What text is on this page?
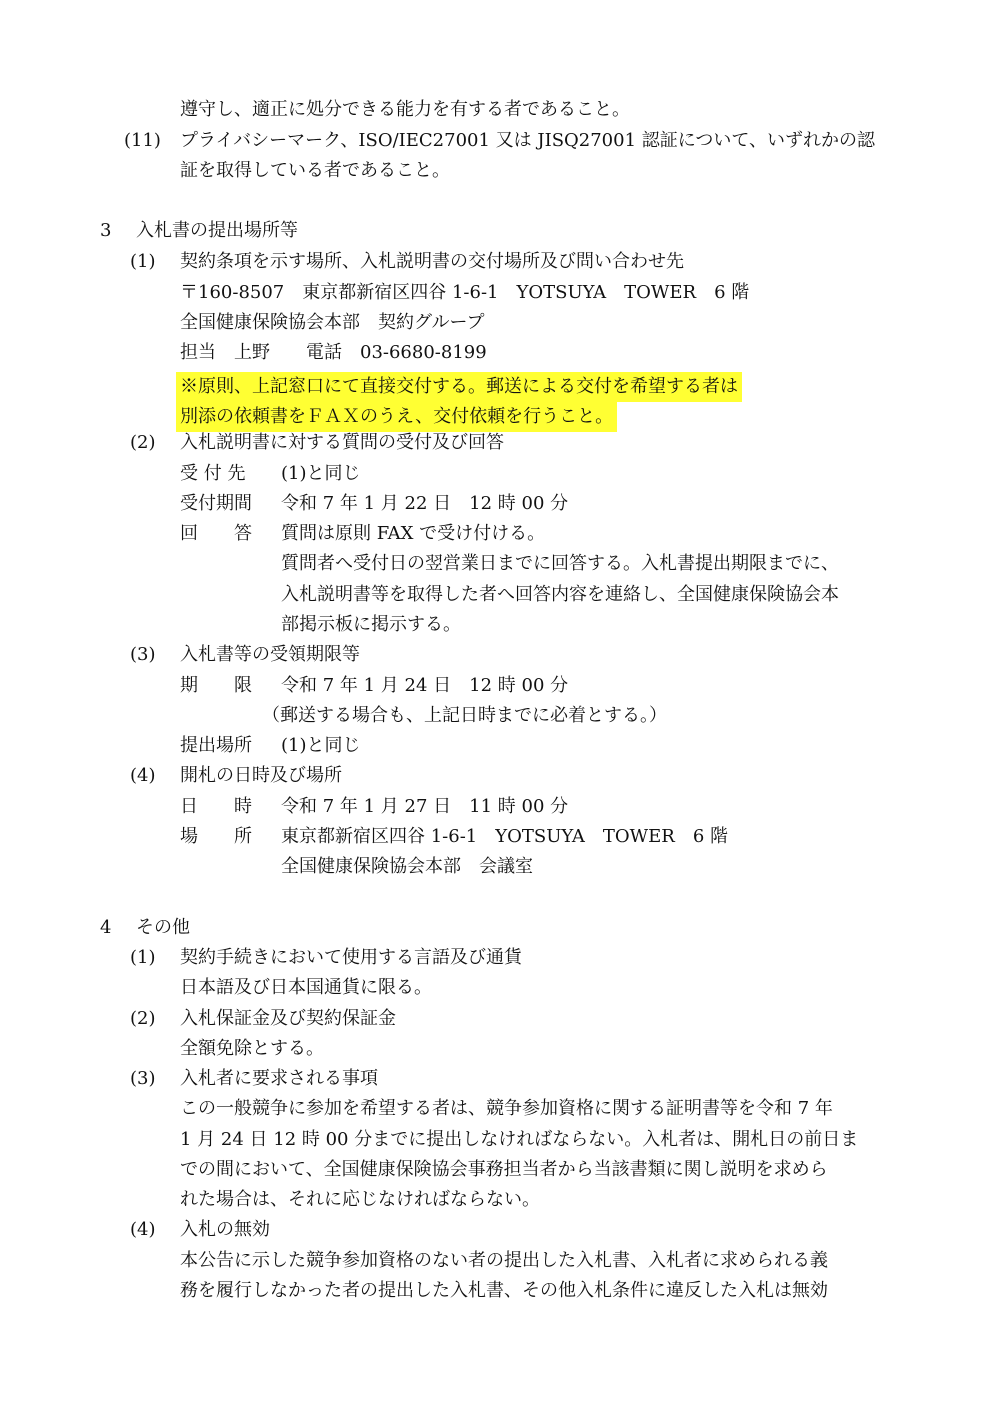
遵守し、適正に処分できる能力を有する者であること。
(11) プライバシーマーク、ISO/IEC27001 又は JISQ27001 認証について、いずれかの認
証を取得している者であること。
3 入札書の提出場所等
(1) 契約条項を示す場所、入札説明書の交付場所及び問い合わせ先
〒160-8507　東京都新宿区四谷 1-6-1　YOTSUYA　TOWER　6 階
全国健康保険協会本部　契約グループ
担当　上野　　電話　03-6680-8199
※原則、上記窓口にて直接交付する。郵送による交付を希望する者は
別添の依頼書をＦＡＸのうえ、交付依頼を行うこと。
(2) 入札説明書に対する質問の受付及び回答
受 付 先 (1)と同じ
受付期間 令和 7 年 1 月 22 日　12 時 00 分
回　　答 質問は原則 FAX で受け付ける。
質問者へ受付日の翌営業日までに回答する。入札書提出期限までに、
入札説明書等を取得した者へ回答内容を連絡し、全国健康保険協会本
部掲示板に掲示する。
(3) 入札書等の受領期限等
期　　限 令和 7 年 1 月 24 日　12 時 00 分
（郵送する場合も、上記日時までに必着とする。）
提出場所 (1)と同じ
(4) 開札の日時及び場所
日　　時 令和 7 年 1 月 27 日　11 時 00 分
場　　所 東京都新宿区四谷 1-6-1　YOTSUYA　TOWER　6 階
全国健康保険協会本部　会議室
4 その他
(1) 契約手続きにおいて使用する言語及び通貨
日本語及び日本国通貨に限る。
(2) 入札保証金及び契約保証金
全額免除とする。
(3) 入札者に要求される事項
この一般競争に参加を希望する者は、競争参加資格に関する証明書等を令和 7 年
1 月 24 日 12 時 00 分までに提出しなければならない。入札者は、開札日の前日ま
での間において、全国健康保険協会事務担当者から当該書類に関し説明を求めら
れた場合は、それに応じなければならない。
(4) 入札の無効
本公告に示した競争参加資格のない者の提出した入札書、入札者に求められる義
務を履行しなかった者の提出した入札書、その他入札条件に違反した入札は無効
